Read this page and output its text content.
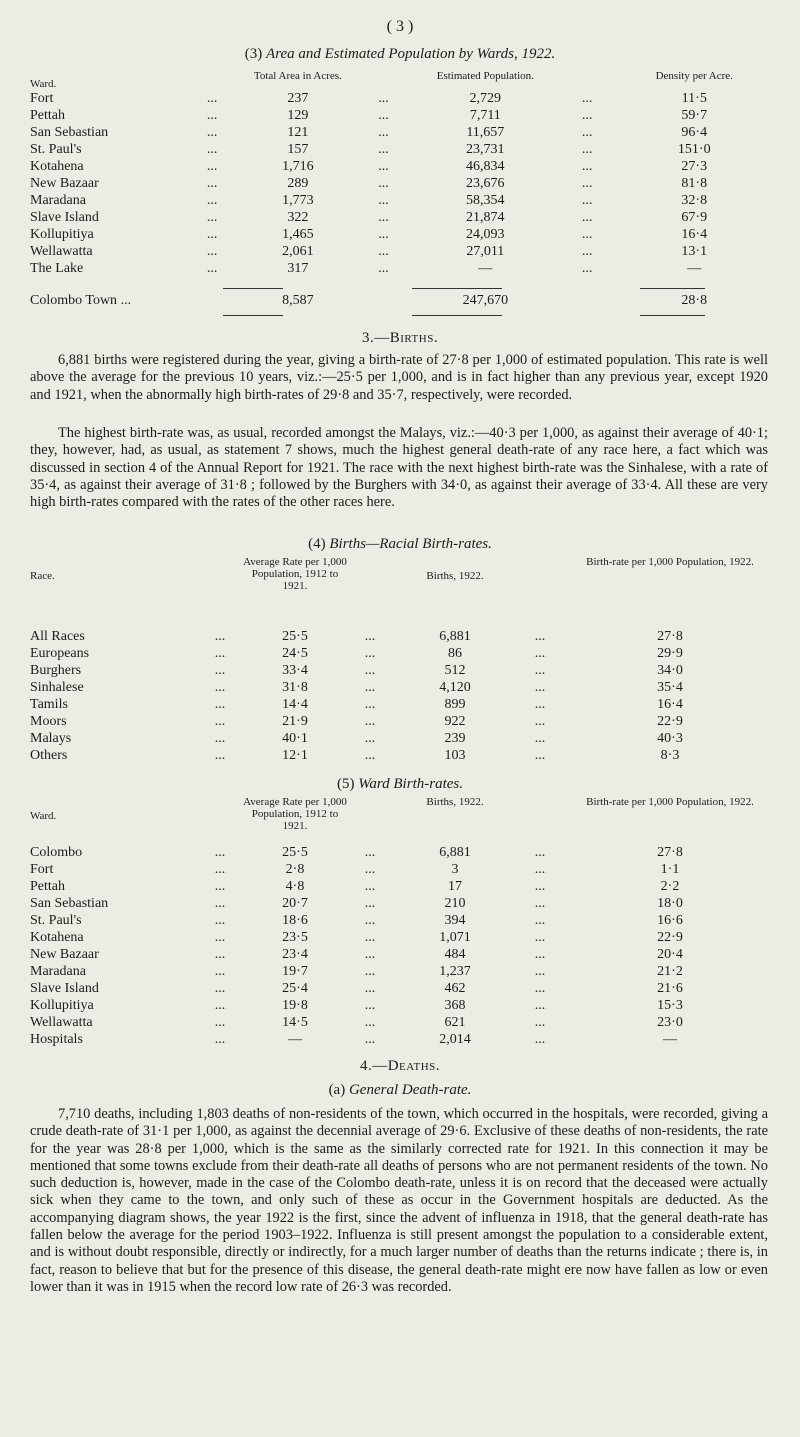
( 3 )
(3) Area and Estimated Population by Wards, 1922.
Ward.		Total Area in Acres.		Estimated Population.		Density per Acre.
Fort	...	237	...	2,729	...	11·5
Pettah	...	129	...	7,711	...	59·7
San Sebastian	...	121	...	11,657	...	96·4
St. Paul's	...	157	...	23,731	...	151·0
Kotahena	...	1,716	...	46,834	...	27·3
New Bazaar	...	289	...	23,676	...	81·8
Maradana	...	1,773	...	58,354	...	32·8
Slave Island	...	322	...	21,874	...	67·9
Kollupitiya	...	1,465	...	24,093	...	16·4
Wellawatta	...	2,061	...	27,011	...	13·1
The Lake	...	317	...	—	...	—
Colombo Town ...	8,587		247,670		28·8
3.—Births.

6,881 births were registered during the year, giving a birth-rate of 27·8 per 1,000 of estimated population. This rate is well above the average for the previous 10 years, viz.:—25·5 per 1,000, and is in fact higher than any previous year, except 1920 and 1921, when the abnormally high birth-rates of 29·8 and 35·7, respectively, were recorded.

The highest birth-rate was, as usual, recorded amongst the Malays, viz.:—40·3 per 1,000, as against their average of 40·1; they, however, had, as usual, as statement 7 shows, much the highest general death-rate of any race here, a fact which was discussed in section 4 of the Annual Report for 1921. The race with the next highest birth-rate was the Sinhalese, with a rate of 35·4, as against their average of 31·8 ; followed by the Burghers with 34·0, as against their average of 33·4. All these are very high birth-rates compared with the rates of the other races here.

(4) Births—Racial Birth-rates.
Race.		Average Rate per 1,000 Population, 1912 to 1921.		Births, 1922.		Birth-rate per 1,000 Population, 1922.
All Races	...	25·5	...	6,881	...	27·8
Europeans	...	24·5	...	86	...	29·9
Burghers	...	33·4	...	512	...	34·0
Sinhalese	...	31·8	...	4,120	...	35·4
Tamils	...	14·4	...	899	...	16·4
Moors	...	21·9	...	922	...	22·9
Malays	...	40·1	...	239	...	40·3
Others	...	12·1	...	103	...	8·3
(5) Ward Birth-rates.
Ward.		Average Rate per 1,000 Population, 1912 to 1921.		Births, 1922.		Birth-rate per 1,000 Population, 1922.
Colombo	...	25·5	...	6,881	...	27·8
Fort	...	2·8	...	3	...	1·1
Pettah	...	4·8	...	17	...	2·2
San Sebastian	...	20·7	...	210	...	18·0
St. Paul's	...	18·6	...	394	...	16·6
Kotahena	...	23·5	...	1,071	...	22·9
New Bazaar	...	23·4	...	484	...	20·4
Maradana	...	19·7	...	1,237	...	21·2
Slave Island	...	25·4	...	462	...	21·6
Kollupitiya	...	19·8	...	368	...	15·3
Wellawatta	...	14·5	...	621	...	23·0
Hospitals	...	—	...	2,014	...	—
4.—Deaths.
(a) General Death-rate.

7,710 deaths, including 1,803 deaths of non-residents of the town, which occurred in the hospitals, were recorded, giving a crude death-rate of 31·1 per 1,000, as against the decennial average of 29·6. Exclusive of these deaths of non-residents, the rate for the year was 28·8 per 1,000, which is the same as the similarly corrected rate for 1921. In this connection it may be mentioned that some towns exclude from their death-rate all deaths of persons who are not permanent residents of the town. No such deduction is, however, made in the case of the Colombo death-rate, unless it is on record that the deceased were actually sick when they came to the town, and only such of these as occur in the Government hospitals are deducted. As the accompanying diagram shows, the year 1922 is the first, since the advent of influenza in 1918, that the general death-rate has fallen below the average for the period 1903–1922. Influenza is still present amongst the population to a considerable extent, and is without doubt responsible, directly or indirectly, for a much larger number of deaths than the returns indicate ; there is, in fact, reason to believe that but for the presence of this disease, the general death-rate might ere now have fallen as low or even lower than it was in 1915 when the record low rate of 26·3 was recorded.
